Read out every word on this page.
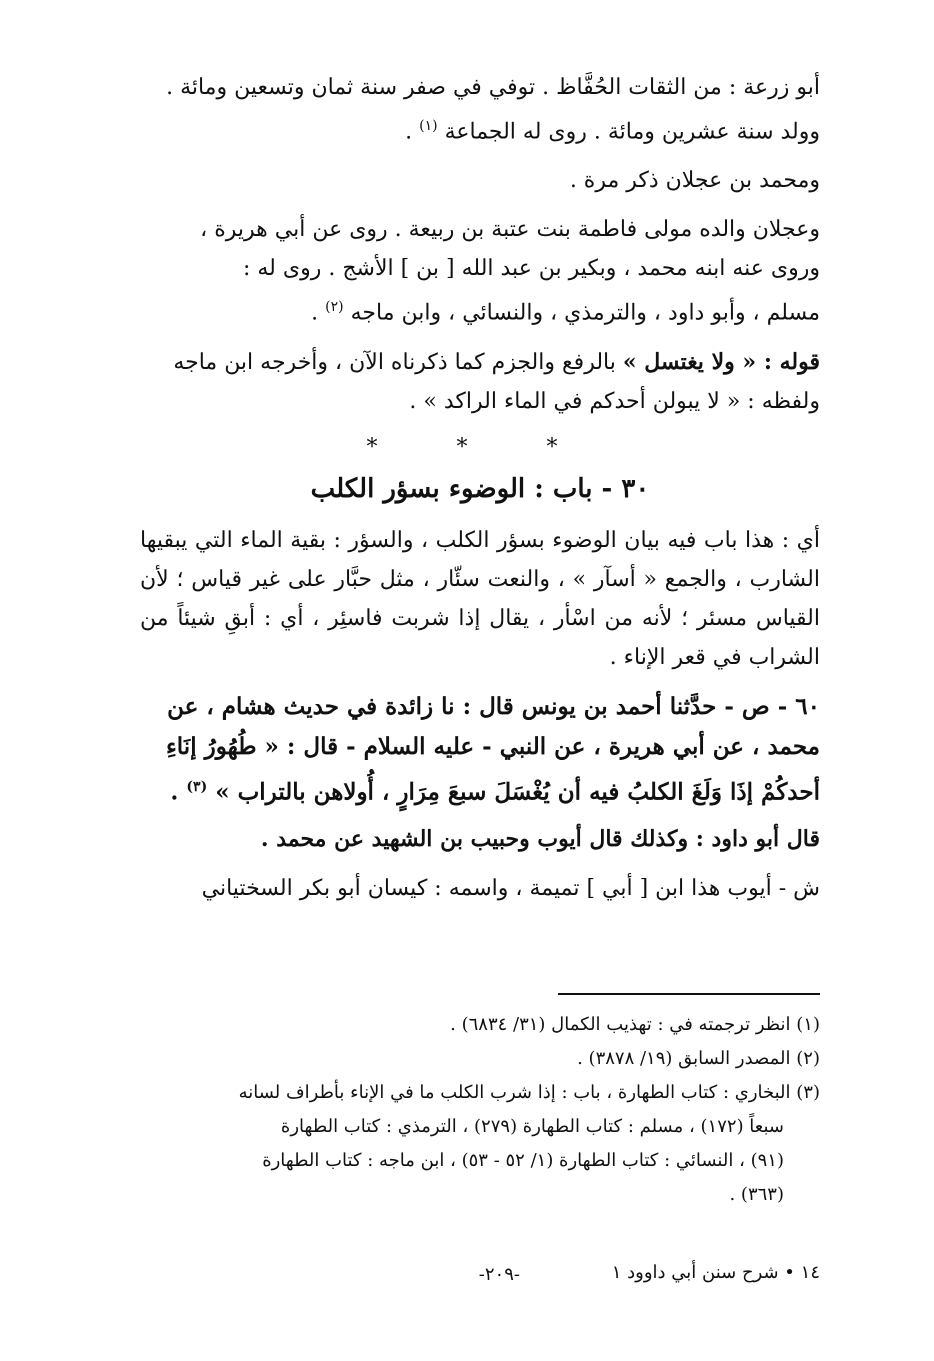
أبو زرعة : من الثقات الحُفَّاظ . توفي في صفر سنة ثمان وتسعين ومائة .
وولد سنة عشرين ومائة . روى له الجماعة $^{(١)}$ .

ومحمد بن عجلان ذكر مرة .

وعجلان والده مولى فاطمة بنت عتبة بن ربيعة . روى عن أبي هريرة ،
وروى عنه ابنه محمد ، وبكير بن عبد الله [ بن ] الأشج . روى له :
مسلم ، وأبو داود ، والترمذي ، والنسائي ، وابن ماجه $^{(٢)}$ .

قوله : « ولا يغتسل » بالرفع والجزم كما ذكرناه الآن ، وأخرجه ابن ماجه
ولفظه : « لا يبولن أحدكم في الماء الراكد » .

* * *
٣٠ - باب : الوضوء بسؤر الكلب

أي : هذا باب فيه بيان الوضوء بسؤر الكلب ، والسؤر : بقية الماء التي يبقيها الشارب ، والجمع « أسآر » ، والنعت سئّار ، مثل حبَّار على غير قياس ؛ لأن القياس مسئر ؛ لأنه من اسْأر ، يقال إذا شربت فاسئِر ، أي : أبقِ شيئاً من الشراب في قعر الإناء .

٦٠ - ص - حدَّثنا أحمد بن يونس قال : نا زائدة في حديث هشام ، عن
محمد ، عن أبي هريرة ، عن النبي - عليه السلام - قال : « طُهُورُ إنَاءِ
أحدكُمْ إذَا وَلَغَ الكلبُ فيه أن يُغْسَلَ سبعَ مِرَارٍ ، أُولاهن بالتراب » $^{(٣)}$ .

قال أبو داود : وكذلك قال أيوب وحبيب بن الشهيد عن محمد .

ش - أيوب هذا ابن [ أبي ] تميمة ، واسمه : كيسان أبو بكر السختياني

(١) انظر ترجمته في : تهذيب الكمال (٣١/ ٦٨٣٤) .

(٢) المصدر السابق (١٩/ ٣٨٧٨) .

(٣) البخاري : كتاب الطهارة ، باب : إذا شرب الكلب ما في الإناء بأطراف لسانه

سبعاً (١٧٢) ، مسلم : كتاب الطهارة (٢٧٩) ، الترمذي : كتاب الطهارة

(٩١) ، النسائي : كتاب الطهارة (١/ ٥٢ - ٥٣) ، ابن ماجه : كتاب الطهارة

(٣٦٣) .

١٤ • شرح سنن أبي داوود ١
-٢٠٩-
